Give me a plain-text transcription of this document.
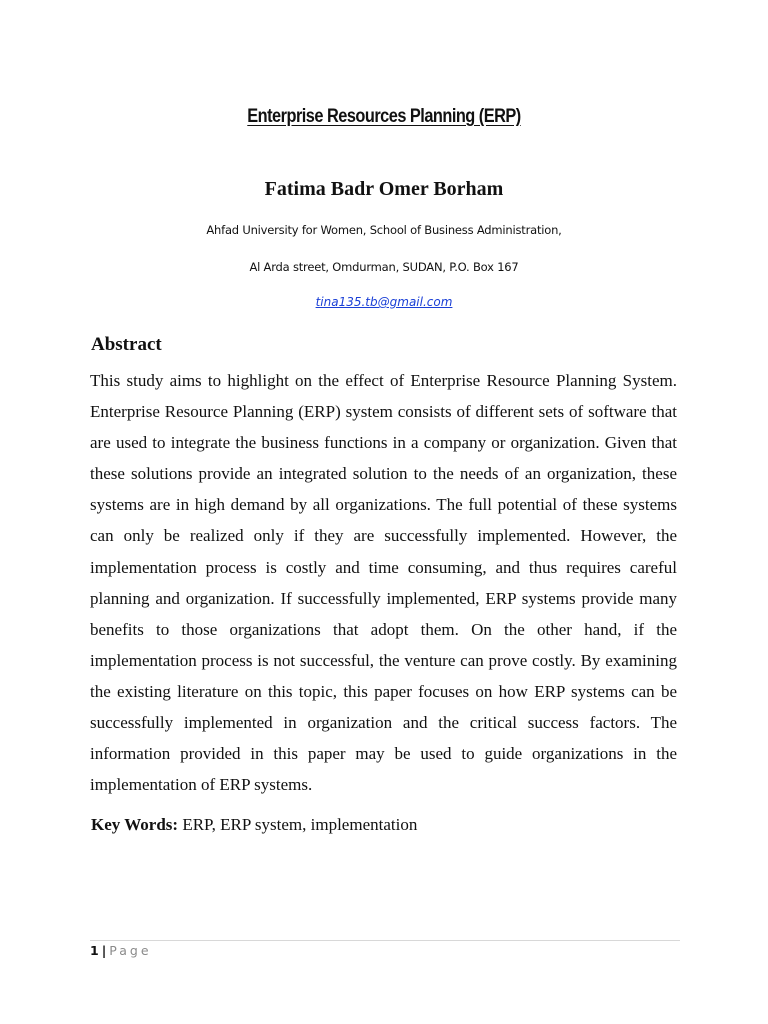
Enterprise Resources Planning (ERP)
Fatima Badr Omer Borham
Ahfad University for Women, School of Business Administration,
Al Arda street, Omdurman, SUDAN, P.O. Box 167
tina135.tb@gmail.com
Abstract

This study aims to highlight on the effect of Enterprise Resource Planning System. Enterprise Resource Planning (ERP) system consists of different sets of software that are used to integrate the business functions in a company or organization. Given that these solutions provide an integrated solution to the needs of an organization, these systems are in high demand by all organizations. The full potential of these systems can only be realized only if they are successfully implemented. However, the implementation process is costly and time consuming, and thus requires careful planning and organization. If successfully implemented, ERP systems provide many benefits to those organizations that adopt them. On the other hand, if the implementation process is not successful, the venture can prove costly. By examining the existing literature on this topic, this paper focuses on how ERP systems can be successfully implemented in organization and the critical success factors. The information provided in this paper may be used to guide organizations in the implementation of ERP systems.

Key Words: ERP, ERP system, implementation
1 | Page
